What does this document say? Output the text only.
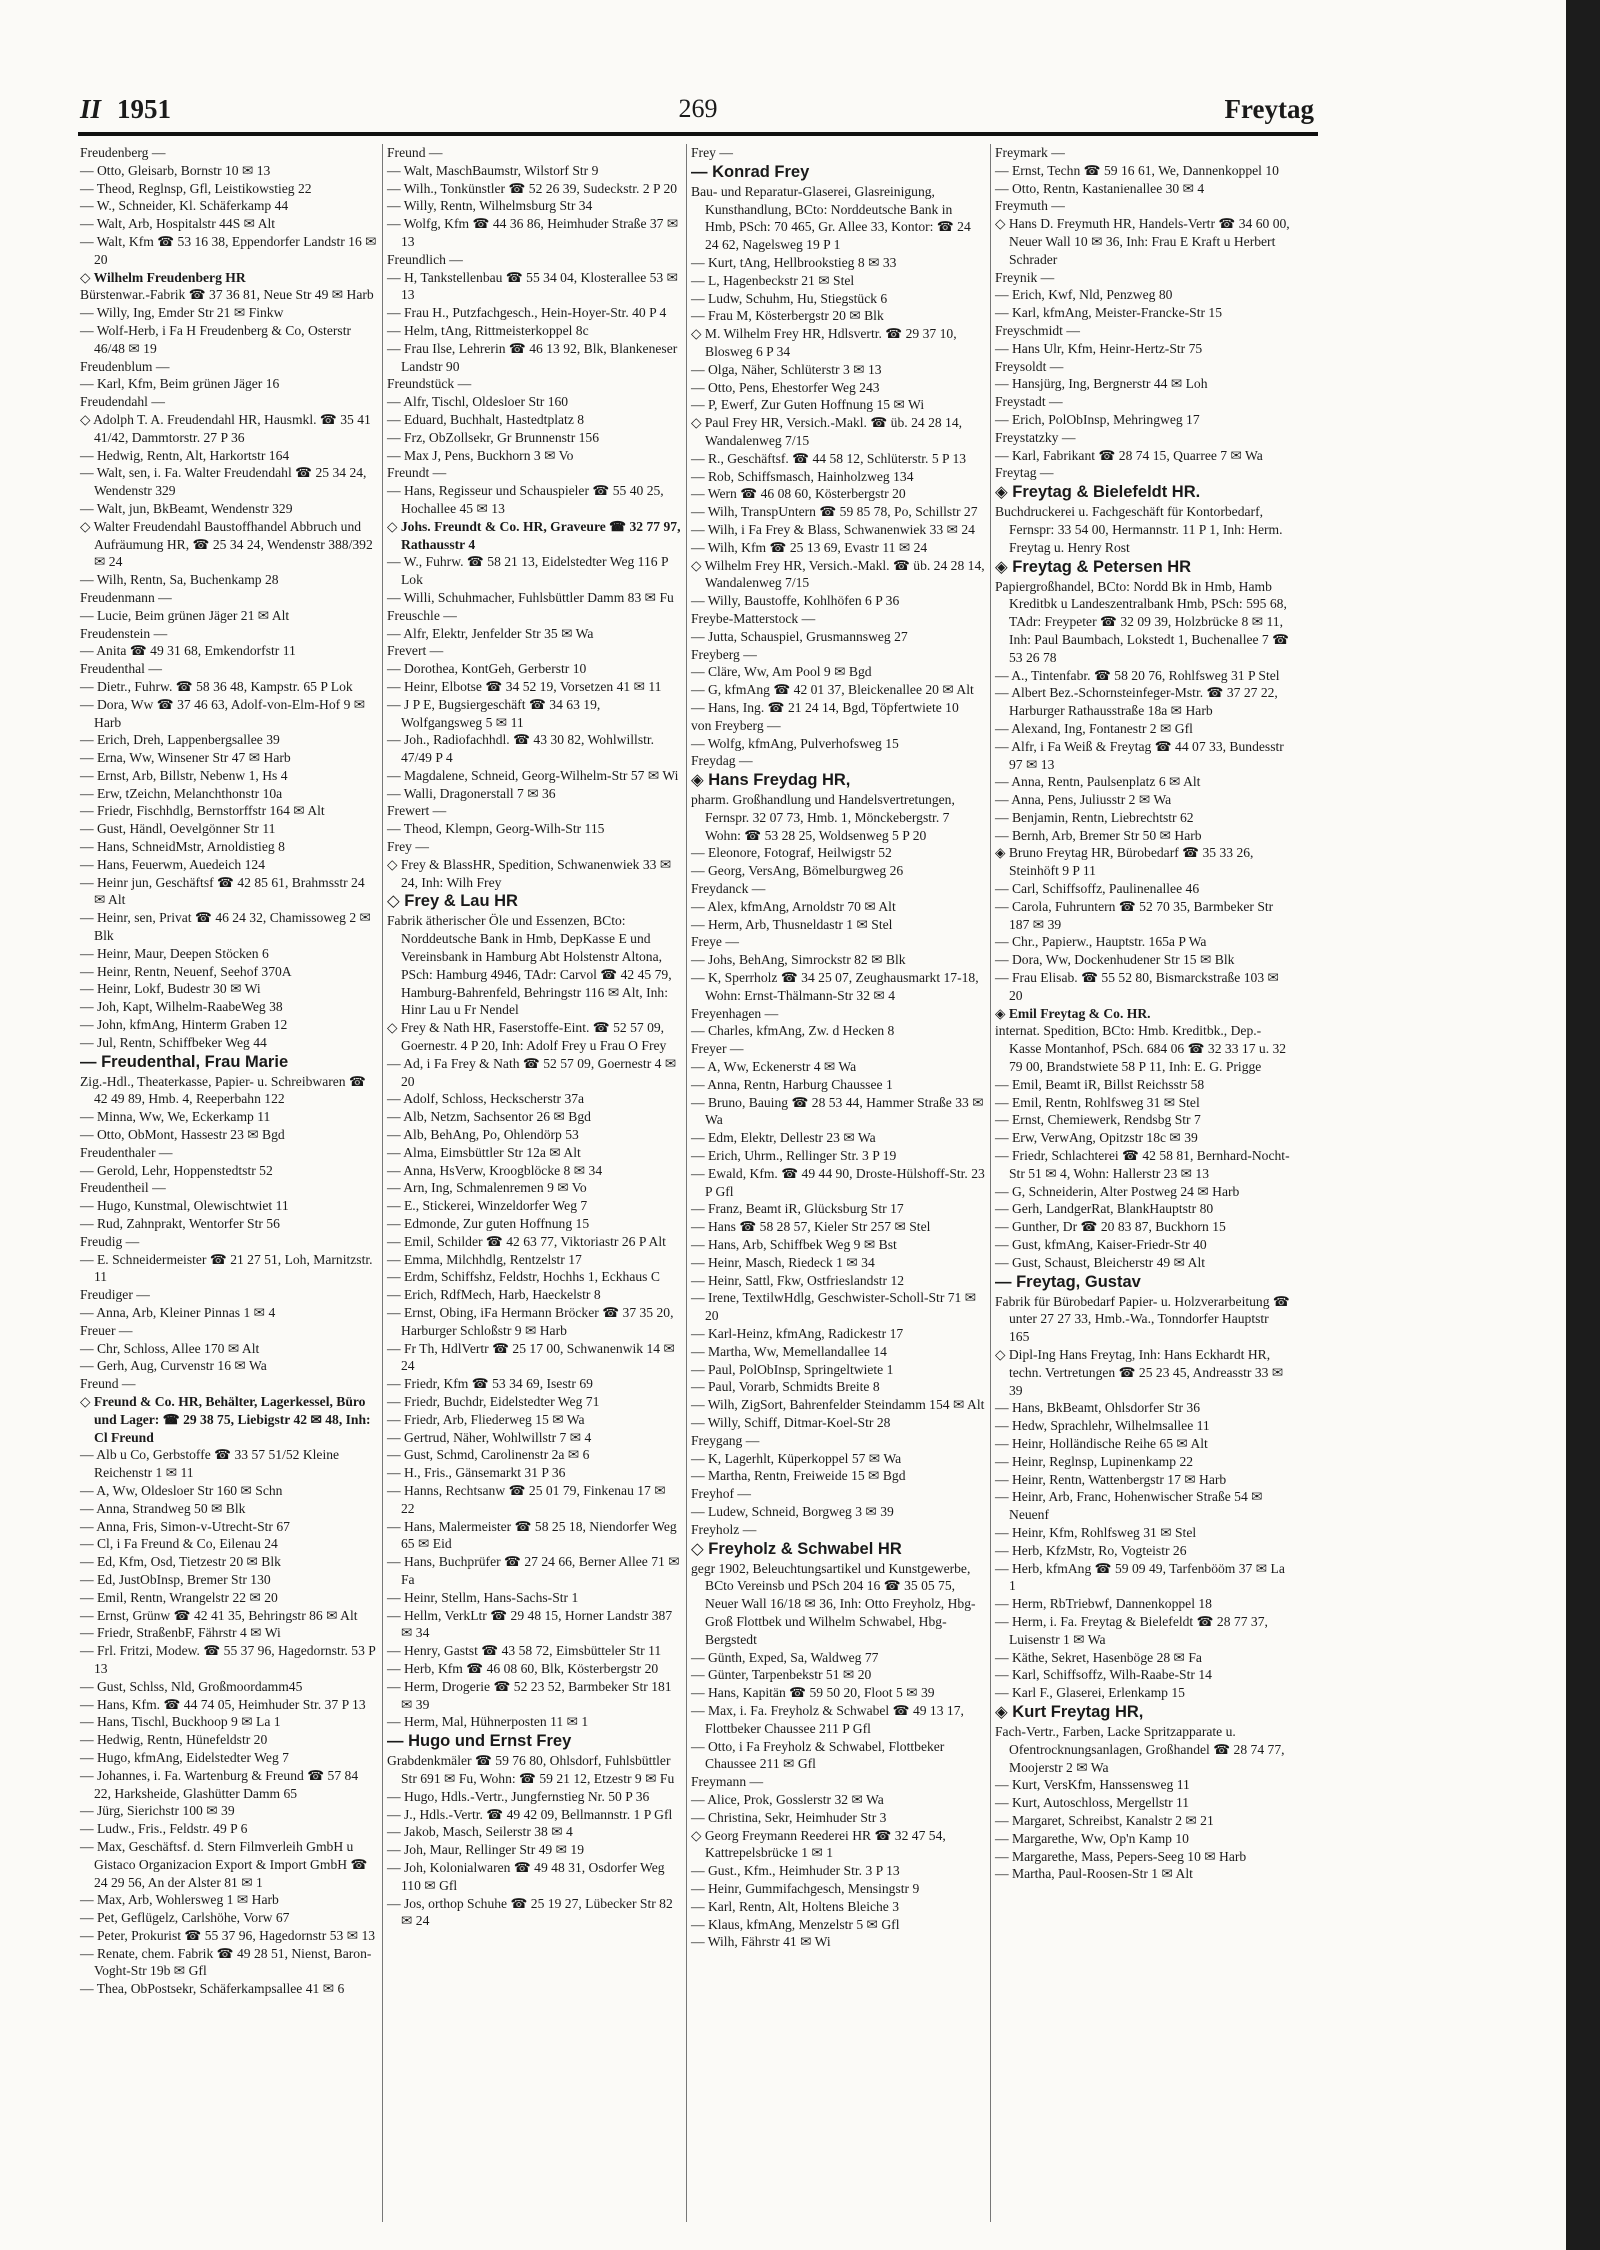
II 1951	269	Freytag

Freudenberg —

— Otto, Gleisarb, Bornstr 10 ✉ 13

— Theod, Reglnsp, Gfl, Leistikowstieg 22

— W., Schneider, Kl. Schäferkamp 44

— Walt, Arb, Hospitalstr 44S ✉ Alt

— Walt, Kfm ☎ 53 16 38, Eppendorfer Landstr 16 ✉ 20

◇ Wilhelm Freudenberg HR

Bürstenwar.-Fabrik ☎ 37 36 81, Neue Str 49 ✉ Harb

— Willy, Ing, Emder Str 21 ✉ Finkw

— Wolf-Herb, i Fa H Freudenberg & Co, Osterstr 46/48 ✉ 19

Freudenblum —

— Karl, Kfm, Beim grünen Jäger 16

Freudendahl —

◇ Adolph T. A. Freudendahl HR, Hausmkl. ☎ 35 41 41/42, Dammtorstr. 27 P 36

— Hedwig, Rentn, Alt, Harkortstr 164

— Walt, sen, i. Fa. Walter Freudendahl ☎ 25 34 24, Wendenstr 329

— Walt, jun, BkBeamt, Wendenstr 329

◇ Walter Freudendahl Baustoffhandel Abbruch und Aufräumung HR, ☎ 25 34 24, Wendenstr 388/392 ✉ 24

— Wilh, Rentn, Sa, Buchenkamp 28

Freudenmann —

— Lucie, Beim grünen Jäger 21 ✉ Alt

Freudenstein —

— Anita ☎ 49 31 68, Emkendorfstr 11

Freudenthal —

— Dietr., Fuhrw. ☎ 58 36 48, Kampstr. 65 P Lok

— Dora, Ww ☎ 37 46 63, Adolf-von-Elm-Hof 9 ✉ Harb

— Erich, Dreh, Lappenbergsallee 39

— Erna, Ww, Winsener Str 47 ✉ Harb

— Ernst, Arb, Billstr, Nebenw 1, Hs 4

— Erw, tZeichn, Melanchthonstr 10a

— Friedr, Fischhdlg, Bernstorffstr 164 ✉ Alt

— Gust, Händl, Oevelgönner Str 11

— Hans, SchneidMstr, Arnoldistieg 8

— Hans, Feuerwm, Auedeich 124

— Heinr jun, Geschäftsf ☎ 42 85 61, Brahmsstr 24 ✉ Alt

— Heinr, sen, Privat ☎ 46 24 32, Chamissoweg 2 ✉ Blk

— Heinr, Maur, Deepen Stöcken 6

— Heinr, Rentn, Neuenf, Seehof 370A

— Heinr, Lokf, Budestr 30 ✉ Wi

— Joh, Kapt, Wilhelm-RaabeWeg 38

— John, kfmAng, Hinterm Graben 12

— Jul, Rentn, Schiffbeker Weg 44

— Freudenthal, Frau Marie

Zig.-Hdl., Theaterkasse, Papier- u. Schreibwaren ☎ 42 49 89, Hmb. 4, Reeperbahn 122

— Minna, Ww, We, Eckerkamp 11

— Otto, ObMont, Hassestr 23 ✉ Bgd

Freudenthaler —

— Gerold, Lehr, Hoppenstedtstr 52

Freudentheil —

— Hugo, Kunstmal, Olewischtwiet 11

— Rud, Zahnprakt, Wentorfer Str 56

Freudig —

— E. Schneidermeister ☎ 21 27 51, Loh, Marnitzstr. 11

Freudiger —

— Anna, Arb, Kleiner Pinnas 1 ✉ 4

Freuer —

— Chr, Schloss, Allee 170 ✉ Alt

— Gerh, Aug, Curvenstr 16 ✉ Wa

Freund —

◇ Freund & Co. HR, Behälter, Lagerkessel, Büro und Lager: ☎ 29 38 75, Liebigstr 42 ✉ 48, Inh: Cl Freund

— Alb u Co, Gerbstoffe ☎ 33 57 51/52 Kleine Reichenstr 1 ✉ 11

— A, Ww, Oldesloer Str 160 ✉ Schn

— Anna, Strandweg 50 ✉ Blk

— Anna, Fris, Simon-v-Utrecht-Str 67

— Cl, i Fa Freund & Co, Eilenau 24

— Ed, Kfm, Osd, Tietzestr 20 ✉ Blk

— Ed, JustObInsp, Bremer Str 130

— Emil, Rentn, Wrangelstr 22 ✉ 20

— Ernst, Grünw ☎ 42 41 35, Behringstr 86 ✉ Alt

— Friedr, StraßenbF, Fährstr 4 ✉ Wi

— Frl. Fritzi, Modew. ☎ 55 37 96, Hagedornstr. 53 P 13

— Gust, Schlss, Nld, Großmoordamm45

— Hans, Kfm. ☎ 44 74 05, Heimhuder Str. 37 P 13

— Hans, Tischl, Buckhoop 9 ✉ La 1

— Hedwig, Rentn, Hünefeldstr 20

— Hugo, kfmAng, Eidelstedter Weg 7

— Johannes, i. Fa. Wartenburg & Freund ☎ 57 84 22, Harksheide, Glashütter Damm 65

— Jürg, Sierichstr 100 ✉ 39

— Ludw., Fris., Feldstr. 49 P 6

— Max, Geschäftsf. d. Stern Filmverleih GmbH u Gistaco Organizacion Export & Import GmbH ☎ 24 29 56, An der Alster 81 ✉ 1

— Max, Arb, Wohlersweg 1 ✉ Harb

— Pet, Geflügelz, Carlshöhe, Vorw 67

— Peter, Prokurist ☎ 55 37 96, Hagedornstr 53 ✉ 13

— Renate, chem. Fabrik ☎ 49 28 51, Nienst, Baron-Voght-Str 19b ✉ Gfl

— Thea, ObPostsekr, Schäferkampsallee 41 ✉ 6

Freund —

— Walt, MaschBaumstr, Wilstorf Str 9

— Wilh., Tonkünstler ☎ 52 26 39, Sudeckstr. 2 P 20

— Willy, Rentn, Wilhelmsburg Str 34

— Wolfg, Kfm ☎ 44 36 86, Heimhuder Straße 37 ✉ 13

Freundlich —

— H, Tankstellenbau ☎ 55 34 04, Klosterallee 53 ✉ 13

— Frau H., Putzfachgesch., Hein-Hoyer-Str. 40 P 4

— Helm, tAng, Rittmeisterkoppel 8c

— Frau Ilse, Lehrerin ☎ 46 13 92, Blk, Blankeneser Landstr 90

Freundstück —

— Alfr, Tischl, Oldesloer Str 160

— Eduard, Buchhalt, Hastedtplatz 8

— Frz, ObZollsekr, Gr Brunnenstr 156

— Max J, Pens, Buckhorn 3 ✉ Vo

Freundt —

— Hans, Regisseur und Schauspieler ☎ 55 40 25, Hochallee 45 ✉ 13

◇ Johs. Freundt & Co. HR, Graveure ☎ 32 77 97, Rathausstr 4

— W., Fuhrw. ☎ 58 21 13, Eidelstedter Weg 116 P Lok

— Willi, Schuhmacher, Fuhlsbüttler Damm 83 ✉ Fu

Freuschle —

— Alfr, Elektr, Jenfelder Str 35 ✉ Wa

Frevert —

— Dorothea, KontGeh, Gerberstr 10

— Heinr, Elbotse ☎ 34 52 19, Vorsetzen 41 ✉ 11

— J P E, Bugsiergeschäft ☎ 34 63 19, Wolfgangsweg 5 ✉ 11

— Joh., Radiofachhdl. ☎ 43 30 82, Wohlwillstr. 47/49 P 4

— Magdalene, Schneid, Georg-Wilhelm-Str 57 ✉ Wi

— Walli, Dragonerstall 7 ✉ 36

Frewert —

— Theod, Klempn, Georg-Wilh-Str 115

Frey —

◇ Frey & BlassHR, Spedition, Schwanenwiek 33 ✉ 24, Inh: Wilh Frey

◇ Frey & Lau HR

Fabrik ätherischer Öle und Essenzen, BCto: Norddeutsche Bank in Hmb, DepKasse E und Vereinsbank in Hamburg Abt Holstenstr Altona, PSch: Hamburg 4946, TAdr: Carvol ☎ 42 45 79, Hamburg-Bahrenfeld, Behringstr 116 ✉ Alt, Inh: Hinr Lau u Fr Nendel

◇ Frey & Nath HR, Faserstoffe-Eint. ☎ 52 57 09, Goernestr. 4 P 20, Inh: Adolf Frey u Frau O Frey

— Ad, i Fa Frey & Nath ☎ 52 57 09, Goernestr 4 ✉ 20

— Adolf, Schloss, Heckscherstr 37a

— Alb, Netzm, Sachsentor 26 ✉ Bgd

— Alb, BehAng, Po, Ohlendörp 53

— Alma, Eimsbüttler Str 12a ✉ Alt

— Anna, HsVerw, Kroogblöcke 8 ✉ 34

— Arn, Ing, Schmalenremen 9 ✉ Vo

— E., Stickerei, Winzeldorfer Weg 7

— Edmonde, Zur guten Hoffnung 15

— Emil, Schilder ☎ 42 63 77, Viktoriastr 26 P Alt

— Emma, Milchhdlg, Rentzelstr 17

— Erdm, Schiffshz, Feldstr, Hochhs 1, Eckhaus C

— Erich, RdfMech, Harb, Haeckelstr 8

— Ernst, Obing, iFa Hermann Bröcker ☎ 37 35 20, Harburger Schloßstr 9 ✉ Harb

— Fr Th, HdlVertr ☎ 25 17 00, Schwanenwik 14 ✉ 24

— Friedr, Kfm ☎ 53 34 69, Isestr 69

— Friedr, Buchdr, Eidelstedter Weg 71

— Friedr, Arb, Fliederweg 15 ✉ Wa

— Gertrud, Näher, Wohlwillstr 7 ✉ 4

— Gust, Schmd, Carolinenstr 2a ✉ 6

— H., Fris., Gänsemarkt 31 P 36

— Hanns, Rechtsanw ☎ 25 01 79, Finkenau 17 ✉ 22

— Hans, Malermeister ☎ 58 25 18, Niendorfer Weg 65 ✉ Eid

— Hans, Buchprüfer ☎ 27 24 66, Berner Allee 71 ✉ Fa

— Heinr, Stellm, Hans-Sachs-Str 1

— Hellm, VerkLtr ☎ 29 48 15, Horner Landstr 387 ✉ 34

— Henry, Gastst ☎ 43 58 72, Eimsbütteler Str 11

— Herb, Kfm ☎ 46 08 60, Blk, Kösterbergstr 20

— Herm, Drogerie ☎ 52 23 52, Barmbeker Str 181 ✉ 39

— Herm, Mal, Hühnerposten 11 ✉ 1

— Hugo und Ernst Frey

Grabdenkmäler ☎ 59 76 80, Ohlsdorf, Fuhlsbüttler Str 691 ✉ Fu, Wohn: ☎ 59 21 12, Etzestr 9 ✉ Fu

— Hugo, Hdls.-Vertr., Jungfernstieg Nr. 50 P 36

— J., Hdls.-Vertr. ☎ 49 42 09, Bellmannstr. 1 P Gfl

— Jakob, Masch, Seilerstr 38 ✉ 4

— Joh, Maur, Rellinger Str 49 ✉ 19

— Joh, Kolonialwaren ☎ 49 48 31, Osdorfer Weg 110 ✉ Gfl

— Jos, orthop Schuhe ☎ 25 19 27, Lübecker Str 82 ✉ 24

Frey —

— Konrad Frey

Bau- und Reparatur-Glaserei, Glasreinigung, Kunsthandlung, BCto: Norddeutsche Bank in Hmb, PSch: 70 465, Gr. Allee 33, Kontor: ☎ 24 24 62, Nagelsweg 19 P 1

— Kurt, tAng, Hellbrookstieg 8 ✉ 33

— L, Hagenbeckstr 21 ✉ Stel

— Ludw, Schuhm, Hu, Stiegstück 6

— Frau M, Kösterbergstr 20 ✉ Blk

◇ M. Wilhelm Frey HR, Hdlsvertr. ☎ 29 37 10, Blosweg 6 P 34

— Olga, Näher, Schlüterstr 3 ✉ 13

— Otto, Pens, Ehestorfer Weg 243

— P, Ewerf, Zur Guten Hoffnung 15 ✉ Wi

◇ Paul Frey HR, Versich.-Makl. ☎ üb. 24 28 14, Wandalenweg 7/15

— R., Geschäftsf. ☎ 44 58 12, Schlüterstr. 5 P 13

— Rob, Schiffsmasch, Hainholzweg 134

— Wern ☎ 46 08 60, Kösterbergstr 20

— Wilh, TranspUntern ☎ 59 85 78, Po, Schillstr 27

— Wilh, i Fa Frey & Blass, Schwanenwiek 33 ✉ 24

— Wilh, Kfm ☎ 25 13 69, Evastr 11 ✉ 24

◇ Wilhelm Frey HR, Versich.-Makl. ☎ üb. 24 28 14, Wandalenweg 7/15

— Willy, Baustoffe, Kohlhöfen 6 P 36

Freybe-Matterstock —

— Jutta, Schauspiel, Grusmannsweg 27

Freyberg —

— Cläre, Ww, Am Pool 9 ✉ Bgd

— G, kfmAng ☎ 42 01 37, Bleickenallee 20 ✉ Alt

— Hans, Ing. ☎ 21 24 14, Bgd, Töpfertwiete 10

von Freyberg —

— Wolfg, kfmAng, Pulverhofsweg 15

Freydag —

◈ Hans Freydag HR,

pharm. Großhandlung und Handelsvertretungen, Fernspr. 32 07 73, Hmb. 1, Mönckebergstr. 7 Wohn: ☎ 53 28 25, Woldsenweg 5 P 20

— Eleonore, Fotograf, Heilwigstr 52

— Georg, VersAng, Bömelburgweg 26

Freydanck —

— Alex, kfmAng, Arnoldstr 70 ✉ Alt

— Herm, Arb, Thusneldastr 1 ✉ Stel

Freye —

— Johs, BehAng, Simrockstr 82 ✉ Blk

— K, Sperrholz ☎ 34 25 07, Zeughausmarkt 17-18, Wohn: Ernst-Thälmann-Str 32 ✉ 4

Freyenhagen —

— Charles, kfmAng, Zw. d Hecken 8

Freyer —

— A, Ww, Eckenerstr 4 ✉ Wa

— Anna, Rentn, Harburg Chaussee 1

— Bruno, Bauing ☎ 28 53 44, Hammer Straße 33 ✉ Wa

— Edm, Elektr, Dellestr 23 ✉ Wa

— Erich, Uhrm., Rellinger Str. 3 P 19

— Ewald, Kfm. ☎ 49 44 90, Droste-Hülshoff-Str. 23 P Gfl

— Franz, Beamt iR, Glücksburg Str 17

— Hans ☎ 58 28 57, Kieler Str 257 ✉ Stel

— Hans, Arb, Schiffbek Weg 9 ✉ Bst

— Heinr, Masch, Riedeck 1 ✉ 34

— Heinr, Sattl, Fkw, Ostfrieslandstr 12

— Irene, TextilwHdlg, Geschwister-Scholl-Str 71 ✉ 20

— Karl-Heinz, kfmAng, Radickestr 17

— Martha, Ww, Memellandallee 14

— Paul, PolObInsp, Springeltwiete 1

— Paul, Vorarb, Schmidts Breite 8

— Wilh, ZigSort, Bahrenfelder Steindamm 154 ✉ Alt

— Willy, Schiff, Ditmar-Koel-Str 28

Freygang —

— K, Lagerhlt, Küperkoppel 57 ✉ Wa

— Martha, Rentn, Freiweide 15 ✉ Bgd

Freyhof —

— Ludew, Schneid, Borgweg 3 ✉ 39

Freyholz —

◇ Freyholz & Schwabel HR

gegr 1902, Beleuchtungsartikel und Kunstgewerbe, BCto Vereinsb und PSch 204 16 ☎ 35 05 75, Neuer Wall 16/18 ✉ 36, Inh: Otto Freyholz, Hbg-Groß Flottbek und Wilhelm Schwabel, Hbg-Bergstedt

— Günth, Exped, Sa, Waldweg 77

— Günter, Tarpenbekstr 51 ✉ 20

— Hans, Kapitän ☎ 59 50 20, Floot 5 ✉ 39

— Max, i. Fa. Freyholz & Schwabel ☎ 49 13 17, Flottbeker Chaussee 211 P Gfl

— Otto, i Fa Freyholz & Schwabel, Flottbeker Chaussee 211 ✉ Gfl

Freymann —

— Alice, Prok, Gosslerstr 32 ✉ Wa

— Christina, Sekr, Heimhuder Str 3

◇ Georg Freymann Reederei HR ☎ 32 47 54, Kattrepelsbrücke 1 ✉ 1

— Gust., Kfm., Heimhuder Str. 3 P 13

— Heinr, Gummifachgesch, Mensingstr 9

— Karl, Rentn, Alt, Holtens Bleiche 3

— Klaus, kfmAng, Menzelstr 5 ✉ Gfl

— Wilh, Fährstr 41 ✉ Wi

Freymark —

— Ernst, Techn ☎ 59 16 61, We, Dannenkoppel 10

— Otto, Rentn, Kastanienallee 30 ✉ 4

Freymuth —

◇ Hans D. Freymuth HR, Handels-Vertr ☎ 34 60 00, Neuer Wall 10 ✉ 36, Inh: Frau E Kraft u Herbert Schrader

Freynik —

— Erich, Kwf, Nld, Penzweg 80

— Karl, kfmAng, Meister-Francke-Str 15

Freyschmidt —

— Hans Ulr, Kfm, Heinr-Hertz-Str 75

Freysoldt —

— Hansjürg, Ing, Bergnerstr 44 ✉ Loh

Freystadt —

— Erich, PolObInsp, Mehringweg 17

Freystatzky —

— Karl, Fabrikant ☎ 28 74 15, Quarree 7 ✉ Wa

Freytag —

◈ Freytag & Bielefeldt HR.

Buchdruckerei u. Fachgeschäft für Kontorbedarf, Fernspr: 33 54 00, Hermannstr. 11 P 1, Inh: Herm. Freytag u. Henry Rost

◈ Freytag & Petersen HR

Papiergroßhandel, BCto: Nordd Bk in Hmb, Hamb Kreditbk u Landeszentralbank Hmb, PSch: 595 68, TAdr: Freypeter ☎ 32 09 39, Holzbrücke 8 ✉ 11, Inh: Paul Baumbach, Lokstedt 1, Buchenallee 7 ☎ 53 26 78

— A., Tintenfabr. ☎ 58 20 76, Rohlfsweg 31 P Stel

— Albert Bez.-Schornsteinfeger-Mstr. ☎ 37 27 22, Harburger Rathausstraße 18a ✉ Harb

— Alexand, Ing, Fontanestr 2 ✉ Gfl

— Alfr, i Fa Weiß & Freytag ☎ 44 07 33, Bundesstr 97 ✉ 13

— Anna, Rentn, Paulsenplatz 6 ✉ Alt

— Anna, Pens, Juliusstr 2 ✉ Wa

— Benjamin, Rentn, Liebrechtstr 62

— Bernh, Arb, Bremer Str 50 ✉ Harb

◈ Bruno Freytag HR, Bürobedarf ☎ 35 33 26, Steinhöft 9 P 11

— Carl, Schiffsoffz, Paulinenallee 46

— Carola, Fuhruntern ☎ 52 70 35, Barmbeker Str 187 ✉ 39

— Chr., Papierw., Hauptstr. 165a P Wa

— Dora, Ww, Dockenhudener Str 15 ✉ Blk

— Frau Elisab. ☎ 55 52 80, Bismarckstraße 103 ✉ 20

◈ Emil Freytag & Co. HR.

internat. Spedition, BCto: Hmb. Kreditbk., Dep.-Kasse Montanhof, PSch. 684 06 ☎ 32 33 17 u. 32 79 00, Brandstwiete 58 P 11, Inh: E. G. Prigge

— Emil, Beamt iR, Billst Reichsstr 58

— Emil, Rentn, Rohlfsweg 31 ✉ Stel

— Ernst, Chemiewerk, Rendsbg Str 7

— Erw, VerwAng, Opitzstr 18c ✉ 39

— Friedr, Schlachterei ☎ 42 58 81, Bernhard-Nocht-Str 51 ✉ 4, Wohn: Hallerstr 23 ✉ 13

— G, Schneiderin, Alter Postweg 24 ✉ Harb

— Gerh, LandgerRat, BlankHauptstr 80

— Gunther, Dr ☎ 20 83 87, Buckhorn 15

— Gust, kfmAng, Kaiser-Friedr-Str 40

— Gust, Schaust, Bleicherstr 49 ✉ Alt

— Freytag, Gustav

Fabrik für Bürobedarf Papier- u. Holzverarbeitung ☎ unter 27 27 33, Hmb.-Wa., Tonndorfer Hauptstr 165

◇ Dipl-Ing Hans Freytag, Inh: Hans Eckhardt HR, techn. Vertretungen ☎ 25 23 45, Andreasstr 33 ✉ 39

— Hans, BkBeamt, Ohlsdorfer Str 36

— Hedw, Sprachlehr, Wilhelmsallee 11

— Heinr, Holländische Reihe 65 ✉ Alt

— Heinr, Reglnsp, Lupinenkamp 22

— Heinr, Rentn, Wattenbergstr 17 ✉ Harb

— Heinr, Arb, Franc, Hohenwischer Straße 54 ✉ Neuenf

— Heinr, Kfm, Rohlfsweg 31 ✉ Stel

— Herb, KfzMstr, Ro, Vogteistr 26

— Herb, kfmAng ☎ 59 09 49, Tarfenbööm 37 ✉ La 1

— Herm, RbTriebwf, Dannenkoppel 18

— Herm, i. Fa. Freytag & Bielefeldt ☎ 28 77 37, Luisenstr 1 ✉ Wa

— Käthe, Sekret, Hasenböge 28 ✉ Fa

— Karl, Schiffsoffz, Wilh-Raabe-Str 14

— Karl F., Glaserei, Erlenkamp 15

◈ Kurt Freytag HR,

Fach-Vertr., Farben, Lacke Spritzapparate u. Ofentrocknungsanlagen, Großhandel ☎ 28 74 77, Moojerstr 2 ✉ Wa

— Kurt, VersKfm, Hanssensweg 11

— Kurt, Autoschloss, Mergellstr 11

— Margaret, Schreibst, Kanalstr 2 ✉ 21

— Margarethe, Ww, Op'n Kamp 10

— Margarethe, Mass, Pepers-Seeg 10 ✉ Harb

— Martha, Paul-Roosen-Str 1 ✉ Alt
